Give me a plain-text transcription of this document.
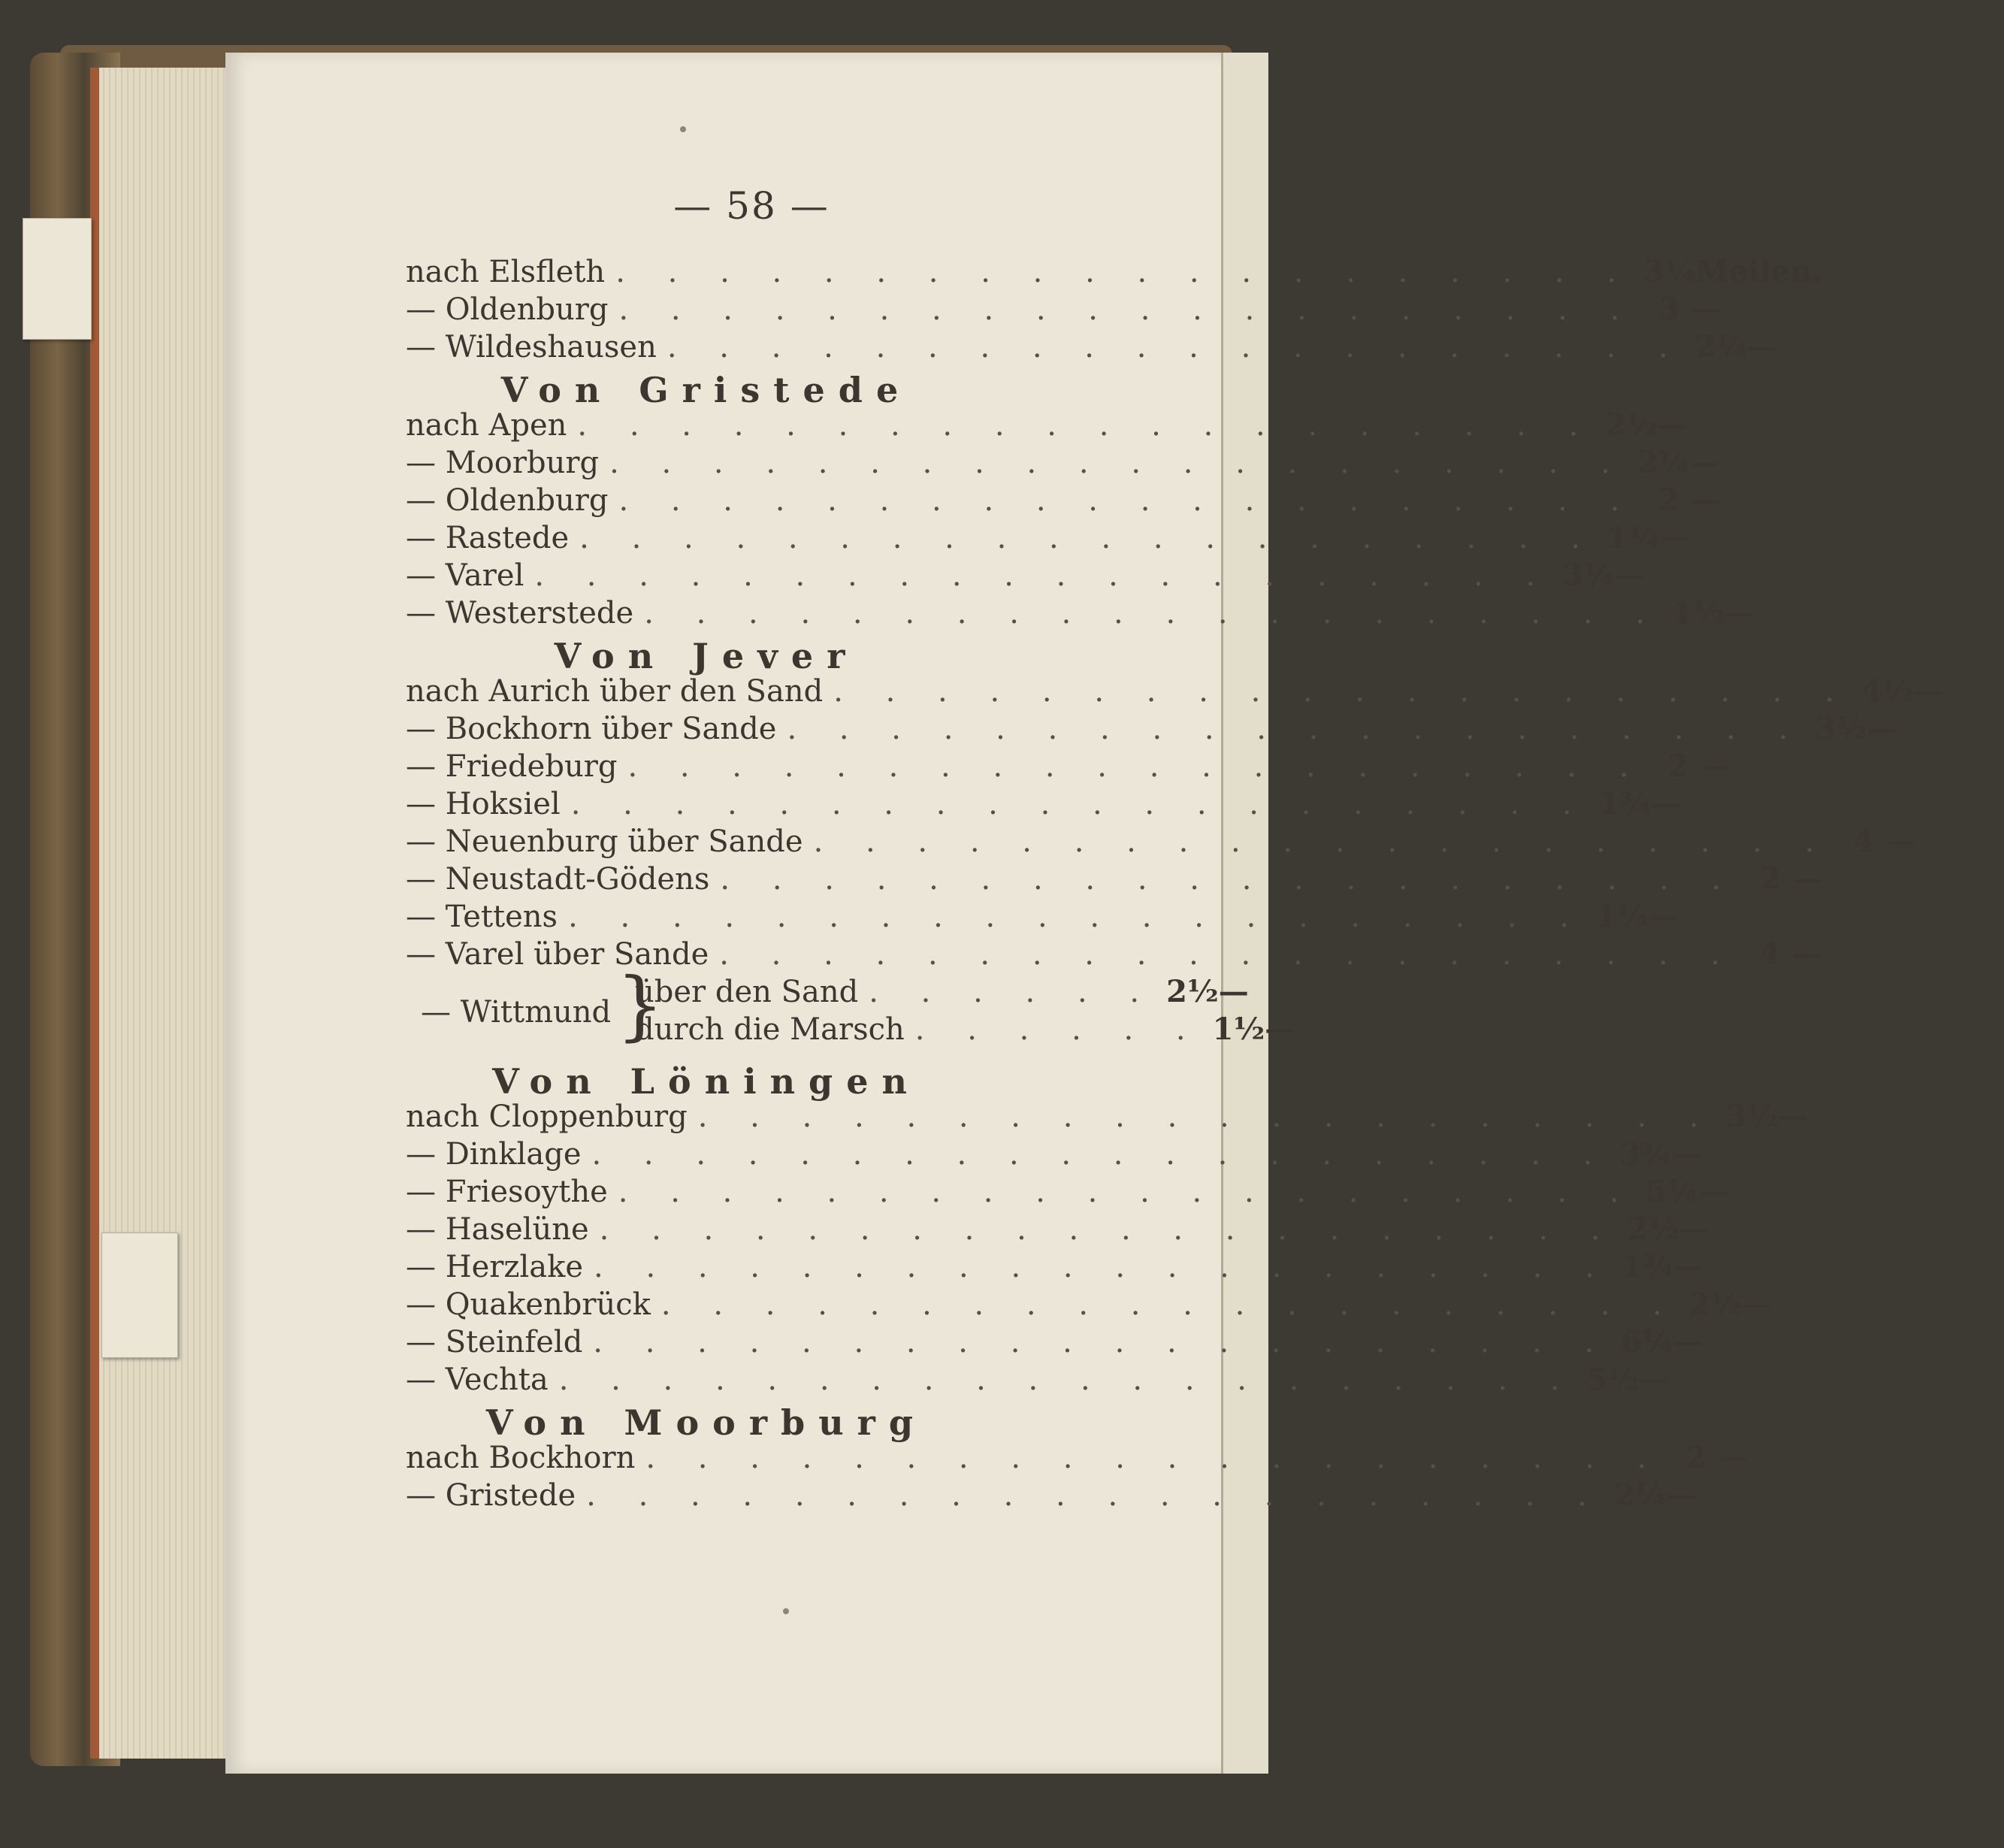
— 58 —
nach Elsfleth . . . . . . . . . . . . . . . . . . . . 3¼ Meilen.
— Oldenburg . . . . . . . . . . . . . . . . . . . . 3 —
— Wildeshausen . . . . . . . . . . . . . . . . . . . . 2¼ —
Von Gristede
nach Apen . . . . . . . . . . . . . . . . . . . . 2½ —
— Moorburg . . . . . . . . . . . . . . . . . . . . 2¼ —
— Oldenburg . . . . . . . . . . . . . . . . . . . . 2 —
— Rastede . . . . . . . . . . . . . . . . . . . . 1¼ —
— Varel . . . . . . . . . . . . . . . . . . . . 3¼ —
— Westerstede . . . . . . . . . . . . . . . . . . . . 1½ —
Von Jever
nach Aurich über den Sand . . . . . . . . . . . . . . . . . . . . 4½ —
— Bockhorn über Sande . . . . . . . . . . . . . . . . . . . . 3½ —
— Friedeburg . . . . . . . . . . . . . . . . . . . . 2 —
— Hoksiel . . . . . . . . . . . . . . . . . . . . 1¾ —
— Neuenburg über Sande . . . . . . . . . . . . . . . . . . . . 4 —
— Neustadt-Gödens . . . . . . . . . . . . . . . . . . . . 2 —
— Tettens . . . . . . . . . . . . . . . . . . . . 1¼ —
— Varel über Sande . . . . . . . . . . . . . . . . . . . . 4 —
— Wittmund }
über den Sand . . . . . . 2½ —
durch die Marsch . . . . . . 1½ —
Von Löningen
nach Cloppenburg . . . . . . . . . . . . . . . . . . . . 3½ —
— Dinklage . . . . . . . . . . . . . . . . . . . . 3¾ —
— Friesoythe . . . . . . . . . . . . . . . . . . . . 5¼ —
— Haselüne . . . . . . . . . . . . . . . . . . . . 2½ —
— Herzlake . . . . . . . . . . . . . . . . . . . . 1¾ —
— Quakenbrück . . . . . . . . . . . . . . . . . . . . 2½ —
— Steinfeld . . . . . . . . . . . . . . . . . . . . 6¼ —
— Vechta . . . . . . . . . . . . . . . . . . . . 5½ —
Von Moorburg
nach Bockhorn . . . . . . . . . . . . . . . . . . . . 2 —
— Gristede . . . . . . . . . . . . . . . . . . . . 2¼ —
